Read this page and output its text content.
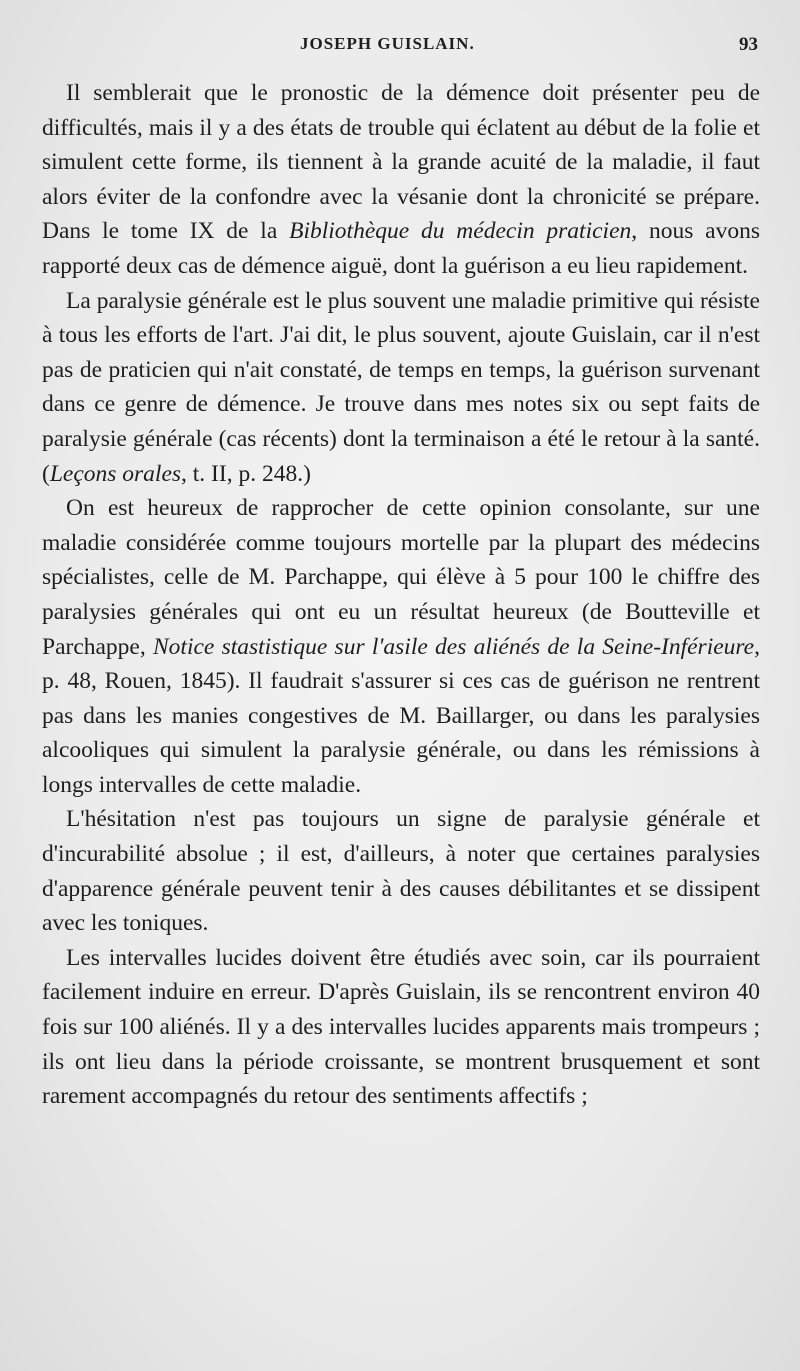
JOSEPH GUISLAIN.	93

Il semblerait que le pronostic de la démence doit présenter peu de difficultés, mais il y a des états de trouble qui éclatent au début de la folie et simulent cette forme, ils tiennent à la grande acuité de la maladie, il faut alors éviter de la confondre avec la vésanie dont la chronicité se prépare. Dans le tome IX de la Bibliothèque du médecin praticien, nous avons rapporté deux cas de démence aiguë, dont la guérison a eu lieu rapidement.

La paralysie générale est le plus souvent une maladie primitive qui résiste à tous les efforts de l'art. J'ai dit, le plus souvent, ajoute Guislain, car il n'est pas de praticien qui n'ait constaté, de temps en temps, la guérison survenant dans ce genre de démence. Je trouve dans mes notes six ou sept faits de paralysie générale (cas récents) dont la terminaison a été le retour à la santé. (Leçons orales, t. II, p. 248.)

On est heureux de rapprocher de cette opinion consolante, sur une maladie considérée comme toujours mortelle par la plupart des médecins spécialistes, celle de M. Parchappe, qui élève à 5 pour 100 le chiffre des paralysies générales qui ont eu un résultat heureux (de Boutteville et Parchappe, Notice stastistique sur l'asile des aliénés de la Seine-Inférieure, p. 48, Rouen, 1845). Il faudrait s'assurer si ces cas de guérison ne rentrent pas dans les manies congestives de M. Baillarger, ou dans les paralysies alcooliques qui simulent la paralysie générale, ou dans les rémissions à longs intervalles de cette maladie.

L'hésitation n'est pas toujours un signe de paralysie générale et d'incurabilité absolue ; il est, d'ailleurs, à noter que certaines paralysies d'apparence générale peuvent tenir à des causes débilitantes et se dissipent avec les toniques.

Les intervalles lucides doivent être étudiés avec soin, car ils pourraient facilement induire en erreur. D'après Guislain, ils se rencontrent environ 40 fois sur 100 aliénés. Il y a des intervalles lucides apparents mais trompeurs ; ils ont lieu dans la période croissante, se montrent brusquement et sont rarement accompagnés du retour des sentiments affectifs ;
